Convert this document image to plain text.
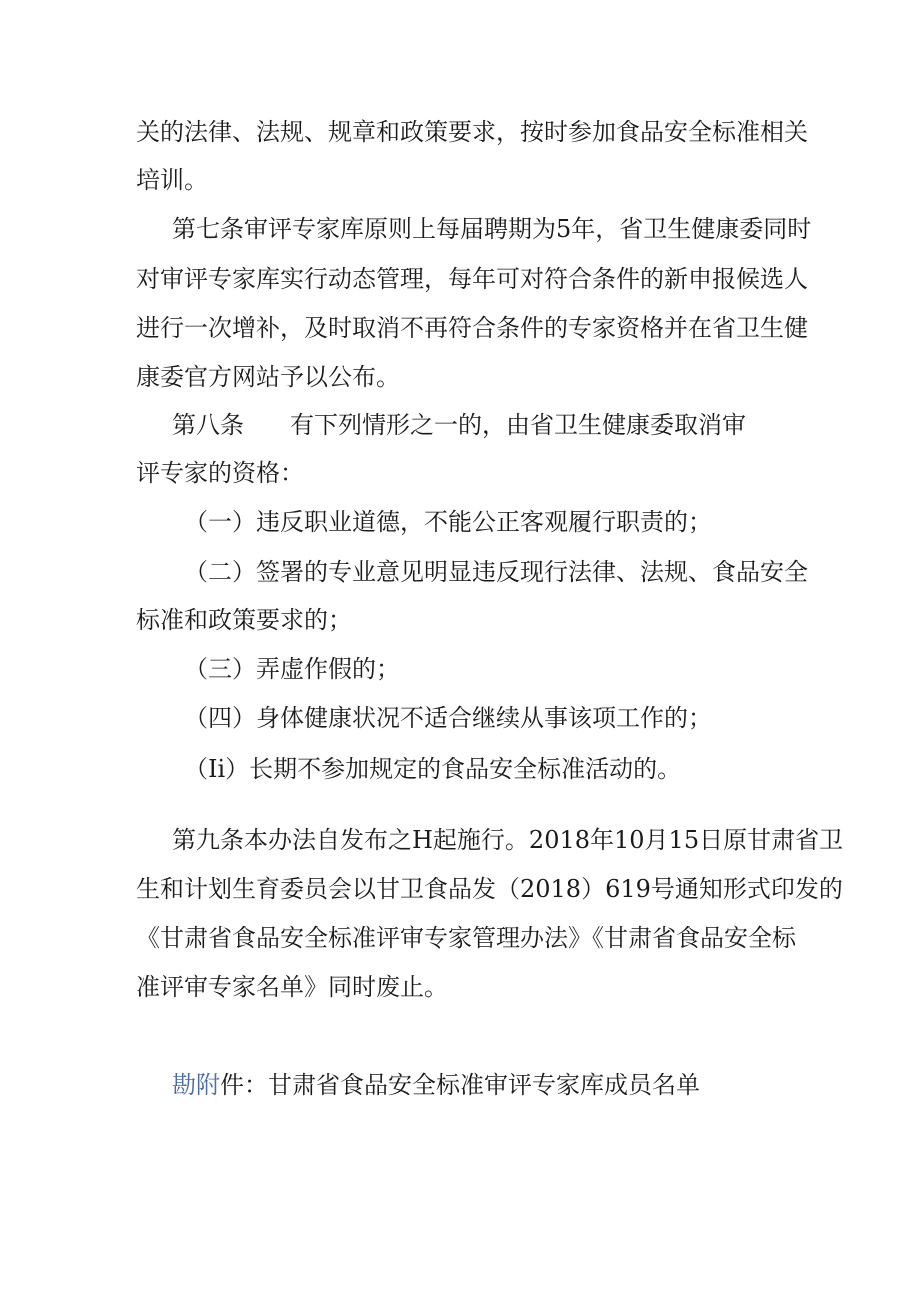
关的法律、法规、规章和政策要求，按时参加食品安全标准相关
培训。
第七条审评专家库原则上每届聘期为5年，省卫生健康委同时
对审评专家库实行动态管理，每年可对符合条件的新申报候选人
进行一次增补，及时取消不再符合条件的专家资格并在省卫生健
康委官方网站予以公布。
第八条 有下列情形之一的，由省卫生健康委取消审
评专家的资格：
（一）违反职业道德，不能公正客观履行职责的；
（二）签署的专业意见明显违反现行法律、法规、食品安全
标准和政策要求的；
（三）弄虚作假的；
（四）身体健康状况不适合继续从事该项工作的；
（Ii）长期不参加规定的食品安全标准活动的。
第九条本办法自发布之H起施行。2018年10月15日原甘肃省卫
生和计划生育委员会以甘卫食品发（2018）619号通知形式印发的
《甘肃省食品安全标准评审专家管理办法》《甘肃省食品安全标
准评审专家名单》同时废止。
勘附件：甘肃省食品安全标准审评专家库成员名单
